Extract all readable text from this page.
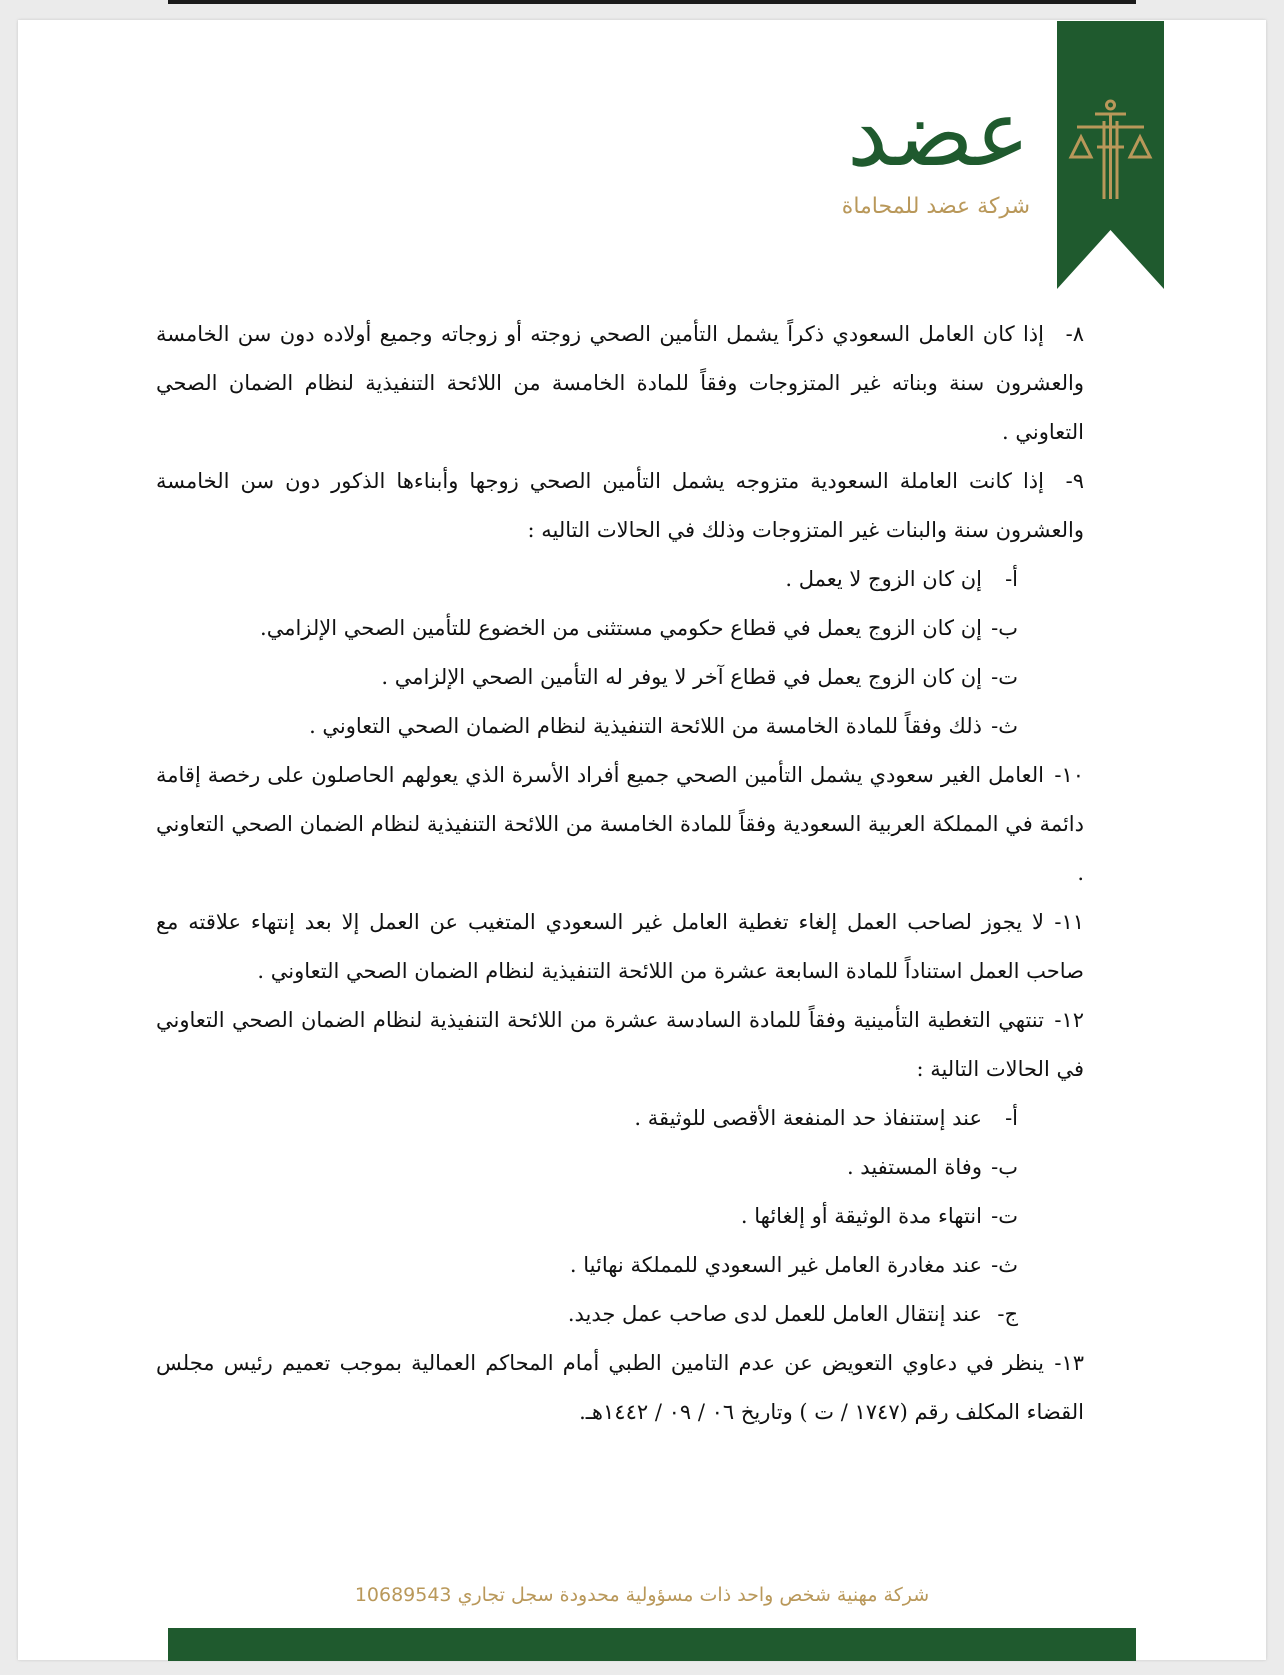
عضد
شركة عضد للمحاماة
٨-إذا كان العامل السعودي ذكراً يشمل التأمين الصحي زوجته أو زوجاته وجميع أولاده دون سن الخامسة والعشرون سنة وبناته غير المتزوجات وفقاً للمادة الخامسة من اللائحة التنفيذية لنظام الضمان الصحي التعاوني .
٩-إذا كانت العاملة السعودية متزوجه يشمل التأمين الصحي زوجها وأبناءها الذكور دون سن الخامسة والعشرون سنة والبنات غير المتزوجات وذلك في الحالات التاليه :
أ-إن كان الزوج لا يعمل .
ب-إن كان الزوج يعمل في قطاع حكومي مستثنى من الخضوع للتأمين الصحي الإلزامي.
ت-إن كان الزوج يعمل في قطاع آخر لا يوفر له التأمين الصحي الإلزامي .
ث-ذلك وفقاً للمادة الخامسة من اللائحة التنفيذية لنظام الضمان الصحي التعاوني .
١٠-العامل الغير سعودي يشمل التأمين الصحي جميع أفراد الأسرة الذي يعولهم الحاصلون على رخصة إقامة دائمة في المملكة العربية السعودية وفقاً للمادة الخامسة من اللائحة التنفيذية لنظام الضمان الصحي التعاوني .
١١-لا يجوز لصاحب العمل إلغاء تغطية العامل غير السعودي المتغيب عن العمل إلا بعد إنتهاء علاقته مع صاحب العمل استناداً للمادة السابعة عشرة من اللائحة التنفيذية لنظام الضمان الصحي التعاوني .
١٢-تنتهي التغطية التأمينية وفقاً للمادة السادسة عشرة من اللائحة التنفيذية لنظام الضمان الصحي التعاوني في الحالات التالية :
أ-عند إستنفاذ حد المنفعة الأقصى للوثيقة .
ب-وفاة المستفيد .
ت-انتهاء مدة الوثيقة أو إلغائها .
ث-عند مغادرة العامل غير السعودي للمملكة نهائيا .
ج-عند إنتقال العامل للعمل لدى صاحب عمل جديد.
١٣-ينظر في دعاوي التعويض عن عدم التامين الطبي أمام المحاكم العمالية بموجب تعميم رئيس مجلس القضاء المكلف رقم (١٧٤٧ / ت ) وتاريخ ٠٦ / ٠٩ / ١٤٤٢هـ.
شركة مهنية شخص واحد ذات مسؤولية محدودة سجل تجاري 10689543
